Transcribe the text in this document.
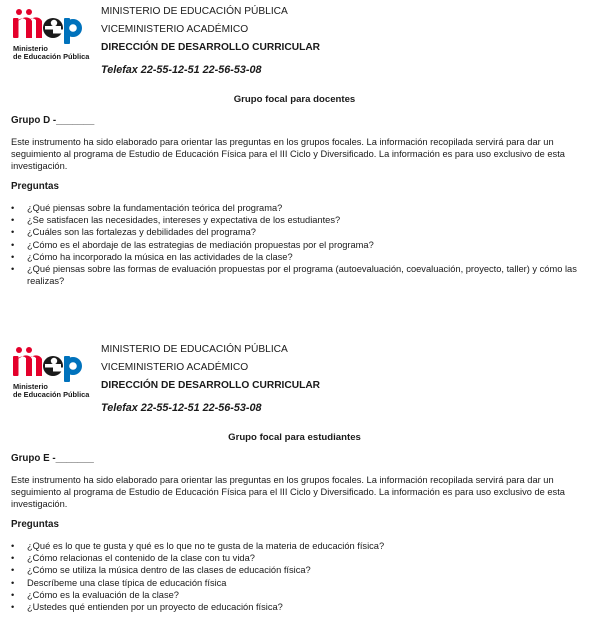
Ministerio
de Educación Pública
MINISTERIO DE EDUCACIÓN PÚBLICA
VICEMINISTERIO ACADÉMICO
DIRECCIÓN DE DESARROLLO CURRICULAR
Telefax 22-55-12-51 22-56-53-08
Grupo focal para docentes
Grupo D -_______
Este instrumento ha sido elaborado para orientar las preguntas en los grupos focales. La información recopilada servirá para dar un seguimiento al programa de Estudio de Educación Física para el III Ciclo y Diversificado. La información es para uso exclusivo de esta investigación.
Preguntas
• ¿Qué piensas sobre la fundamentación teórica del programa?
• ¿Se satisfacen las necesidades, intereses y expectativa de los estudiantes?
• ¿Cuáles son las fortalezas y debilidades del programa?
• ¿Cómo es el abordaje de las estrategias de mediación propuestas por el programa?
• ¿Cómo ha incorporado la música en las actividades de la clase?
• ¿Qué piensas sobre las formas de evaluación propuestas por el programa (autoevaluación, coevaluación, proyecto, taller) y cómo las realizas?
Ministerio
de Educación Pública
MINISTERIO DE EDUCACIÓN PÚBLICA
VICEMINISTERIO ACADÉMICO
DIRECCIÓN DE DESARROLLO CURRICULAR
Telefax 22-55-12-51 22-56-53-08
Grupo focal para estudiantes
Grupo E -_______
Este instrumento ha sido elaborado para orientar las preguntas en los grupos focales. La información recopilada servirá para dar un seguimiento al programa de Estudio de Educación Física para el III Ciclo y Diversificado. La información es para uso exclusivo de esta investigación.
Preguntas
• ¿Qué es lo que te gusta y qué es lo que no te gusta de la materia de educación física?
• ¿Cómo relacionas el contenido de la clase con tu vida?
• ¿Cómo se utiliza la música dentro de las clases de educación física?
• Descríbeme una clase típica de educación física
• ¿Cómo es la evaluación de la clase?
• ¿Ustedes qué entienden por un proyecto de educación física?
